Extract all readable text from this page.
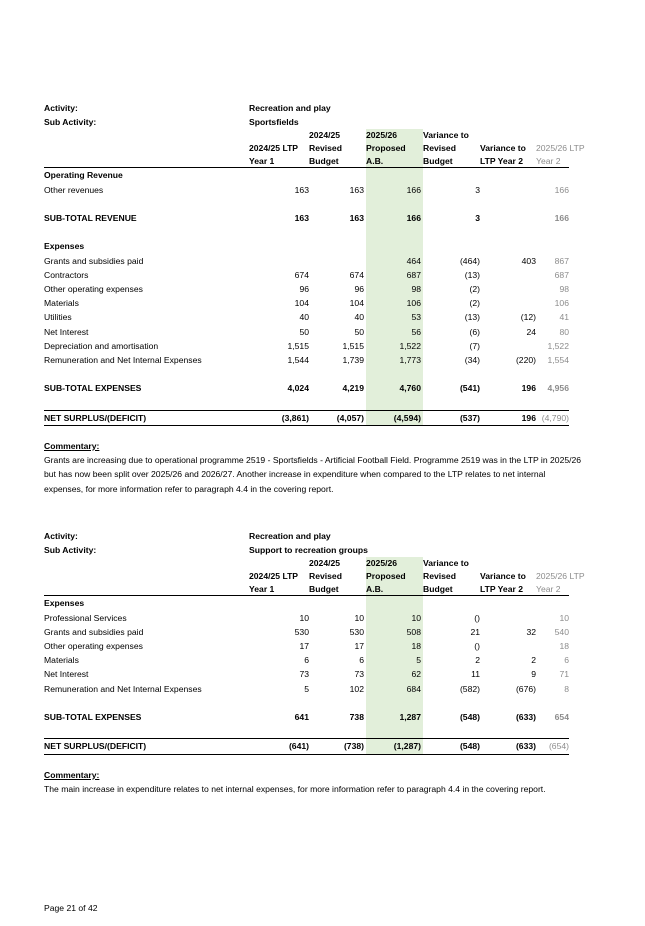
Activity:	Recreation and play
Sub Activity:	Sportsfields
		2024/25	2025/26	Variance to		
	2024/25 LTP	Revised	Proposed	Revised	Variance to	2025/26 LTP
	Year 1	Budget	A.B.	Budget	LTP Year 2	Year 2
Operating Revenue						
Other revenues	163	163	166	3		166

SUB-TOTAL REVENUE	163	163	166	3		166

Expenses						
Grants and subsidies paid			464	(464)	403	867
Contractors	674	674	687	(13)		687
Other operating expenses	96	96	98	(2)		98
Materials	104	104	106	(2)		106
Utilities	40	40	53	(13)	(12)	41
Net Interest	50	50	56	(6)	24	80
Depreciation and amortisation	1,515	1,515	1,522	(7)		1,522
Remuneration and Net Internal Expenses	1,544	1,739	1,773	(34)	(220)	1,554

SUB-TOTAL EXPENSES	4,024	4,219	4,760	(541)	196	4,956

NET SURPLUS/(DEFICIT)	(3,861)	(4,057)	(4,594)	(537)	196	(4,790)
Commentary:
Grants are increasing due to operational programme 2519 - Sportsfields - Artificial Football Field. Programme 2519 was in the LTP in 2025/26 but has now been split over 2025/26 and 2026/27. Another increase in expenditure when compared to the LTP relates to net internal expenses, for more information refer to paragraph 4.4 in the covering report.
Activity:	Recreation and play
Sub Activity:	Support to recreation groups
		2024/25	2025/26	Variance to		
	2024/25 LTP	Revised	Proposed	Revised	Variance to	2025/26 LTP
	Year 1	Budget	A.B.	Budget	LTP Year 2	Year 2
Expenses						
Professional Services	10	10	10	()		10
Grants and subsidies paid	530	530	508	21	32	540
Other operating expenses	17	17	18	()		18
Materials	6	6	5	2	2	6
Net Interest	73	73	62	11	9	71
Remuneration and Net Internal Expenses	5	102	684	(582)	(676)	8

SUB-TOTAL EXPENSES	641	738	1,287	(548)	(633)	654

NET SURPLUS/(DEFICIT)	(641)	(738)	(1,287)	(548)	(633)	(654)
Commentary:
The main increase in expenditure relates to net internal expenses, for more information refer to paragraph 4.4 in the covering report.
Page 21 of 42
